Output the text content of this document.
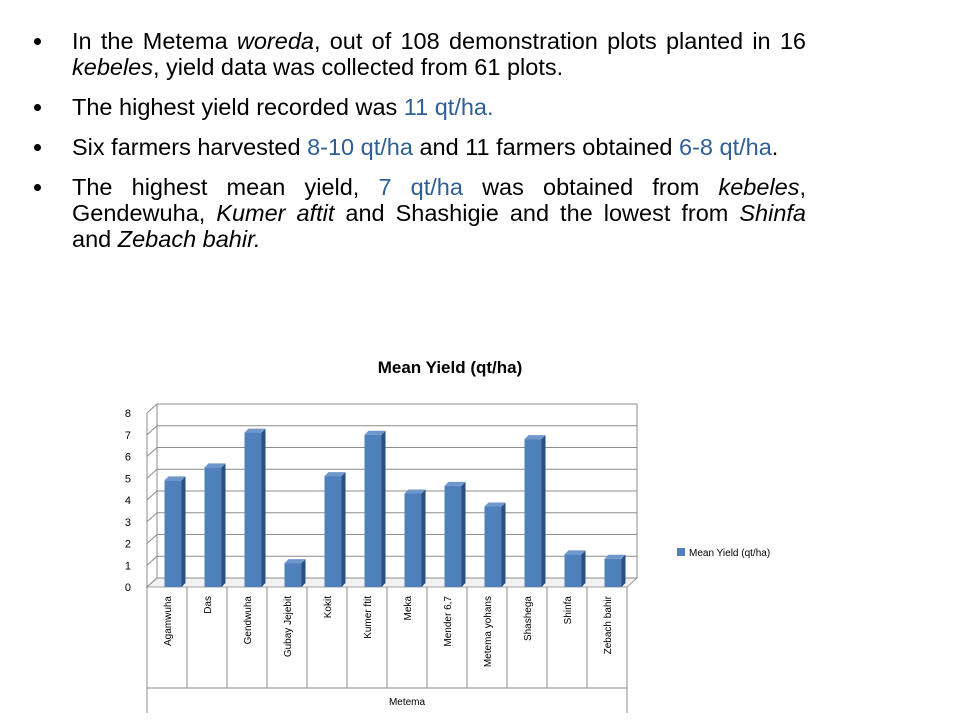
In the Metema woreda, out of 108 demonstration plots planted in 16 kebeles, yield data was collected from 61 plots.
The highest yield recorded was 11 qt/ha.
Six farmers harvested 8-10 qt/ha and 11 farmers obtained 6-8 qt/ha.
The highest mean yield, 7 qt/ha was obtained from kebeles, Gendewuha, Kumer aftit and Shashigie and the lowest from Shinfa and Zebach bahir.
Mean Yield (qt/ha)
0
1
2
3
4
5
6
7
8
Agamwuha	Das	Gendwuha	Gubay Jejebit	Kokit	Kumer ftit	Meka	Mender 6,7	Metema yohans	Shashega	Shinfa	Zebach bahir
Metema
Mean Yield (qt/ha)
